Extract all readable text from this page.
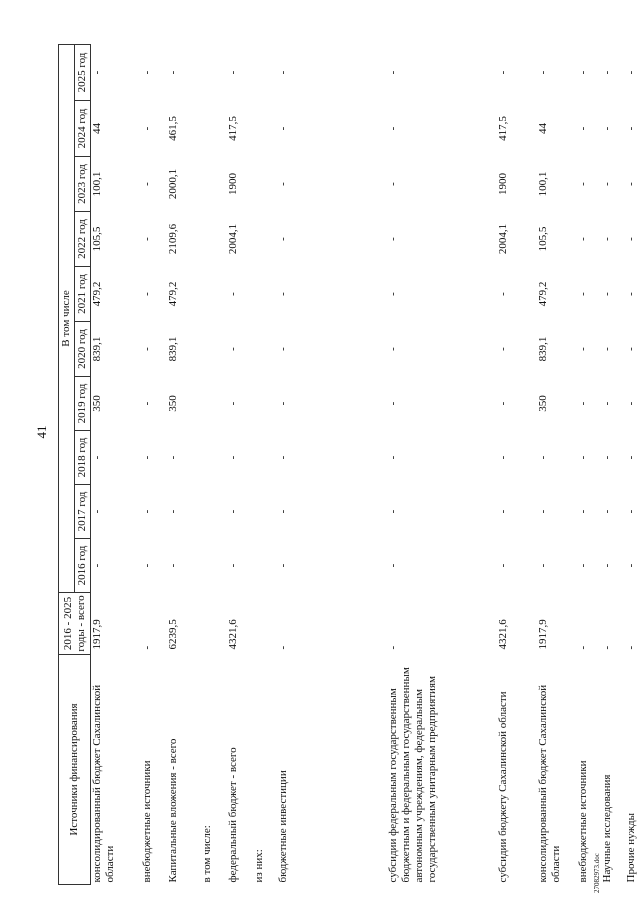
41
27082973.doc
Источники финансирования	2016 - 2025 годы - всего	В том числе									
		2016 год	2017 год	2018 год	2019 год	2020 год	2021 год	2022 год	2023 год	2024 год	2025 год
консолидированный бюджет Сахалинской области	1917,9	-	-	-	350	839,1	479,2	105,5	100,1	44	-
внебюджетные источники	-	-	-	-	-	-	-	-	-	-	-
Капитальные вложения - всего	6239,5	-	-	-	350	839,1	479,2	2109,6	2000,1	461,5	-
в том числе:											
федеральный бюджет - всего	4321,6	-	-	-	-	-	-	2004,1	1900	417,5	-
из них:											
бюджетные инвестиции	-	-	-	-	-	-	-	-	-	-	-
субсидии федеральным государственным бюджетным и федеральным государственным автономным учреждениям, федеральным государственным унитарным предприятиям	-	-	-	-	-	-	-	-	-	-	-
субсидии бюджету Сахалинской области	4321,6	-	-	-	-	-	-	2004,1	1900	417,5	-
консолидированный бюджет Сахалинской области	1917,9	-	-	-	350	839,1	479,2	105,5	100,1	44	-
внебюджетные источники	-	-	-	-	-	-	-	-	-	-	-
Научные исследования	-	-	-	-	-	-	-	-	-	-	-
Прочие нужды	-	-	-	-	-	-	-	-	-	-	-
